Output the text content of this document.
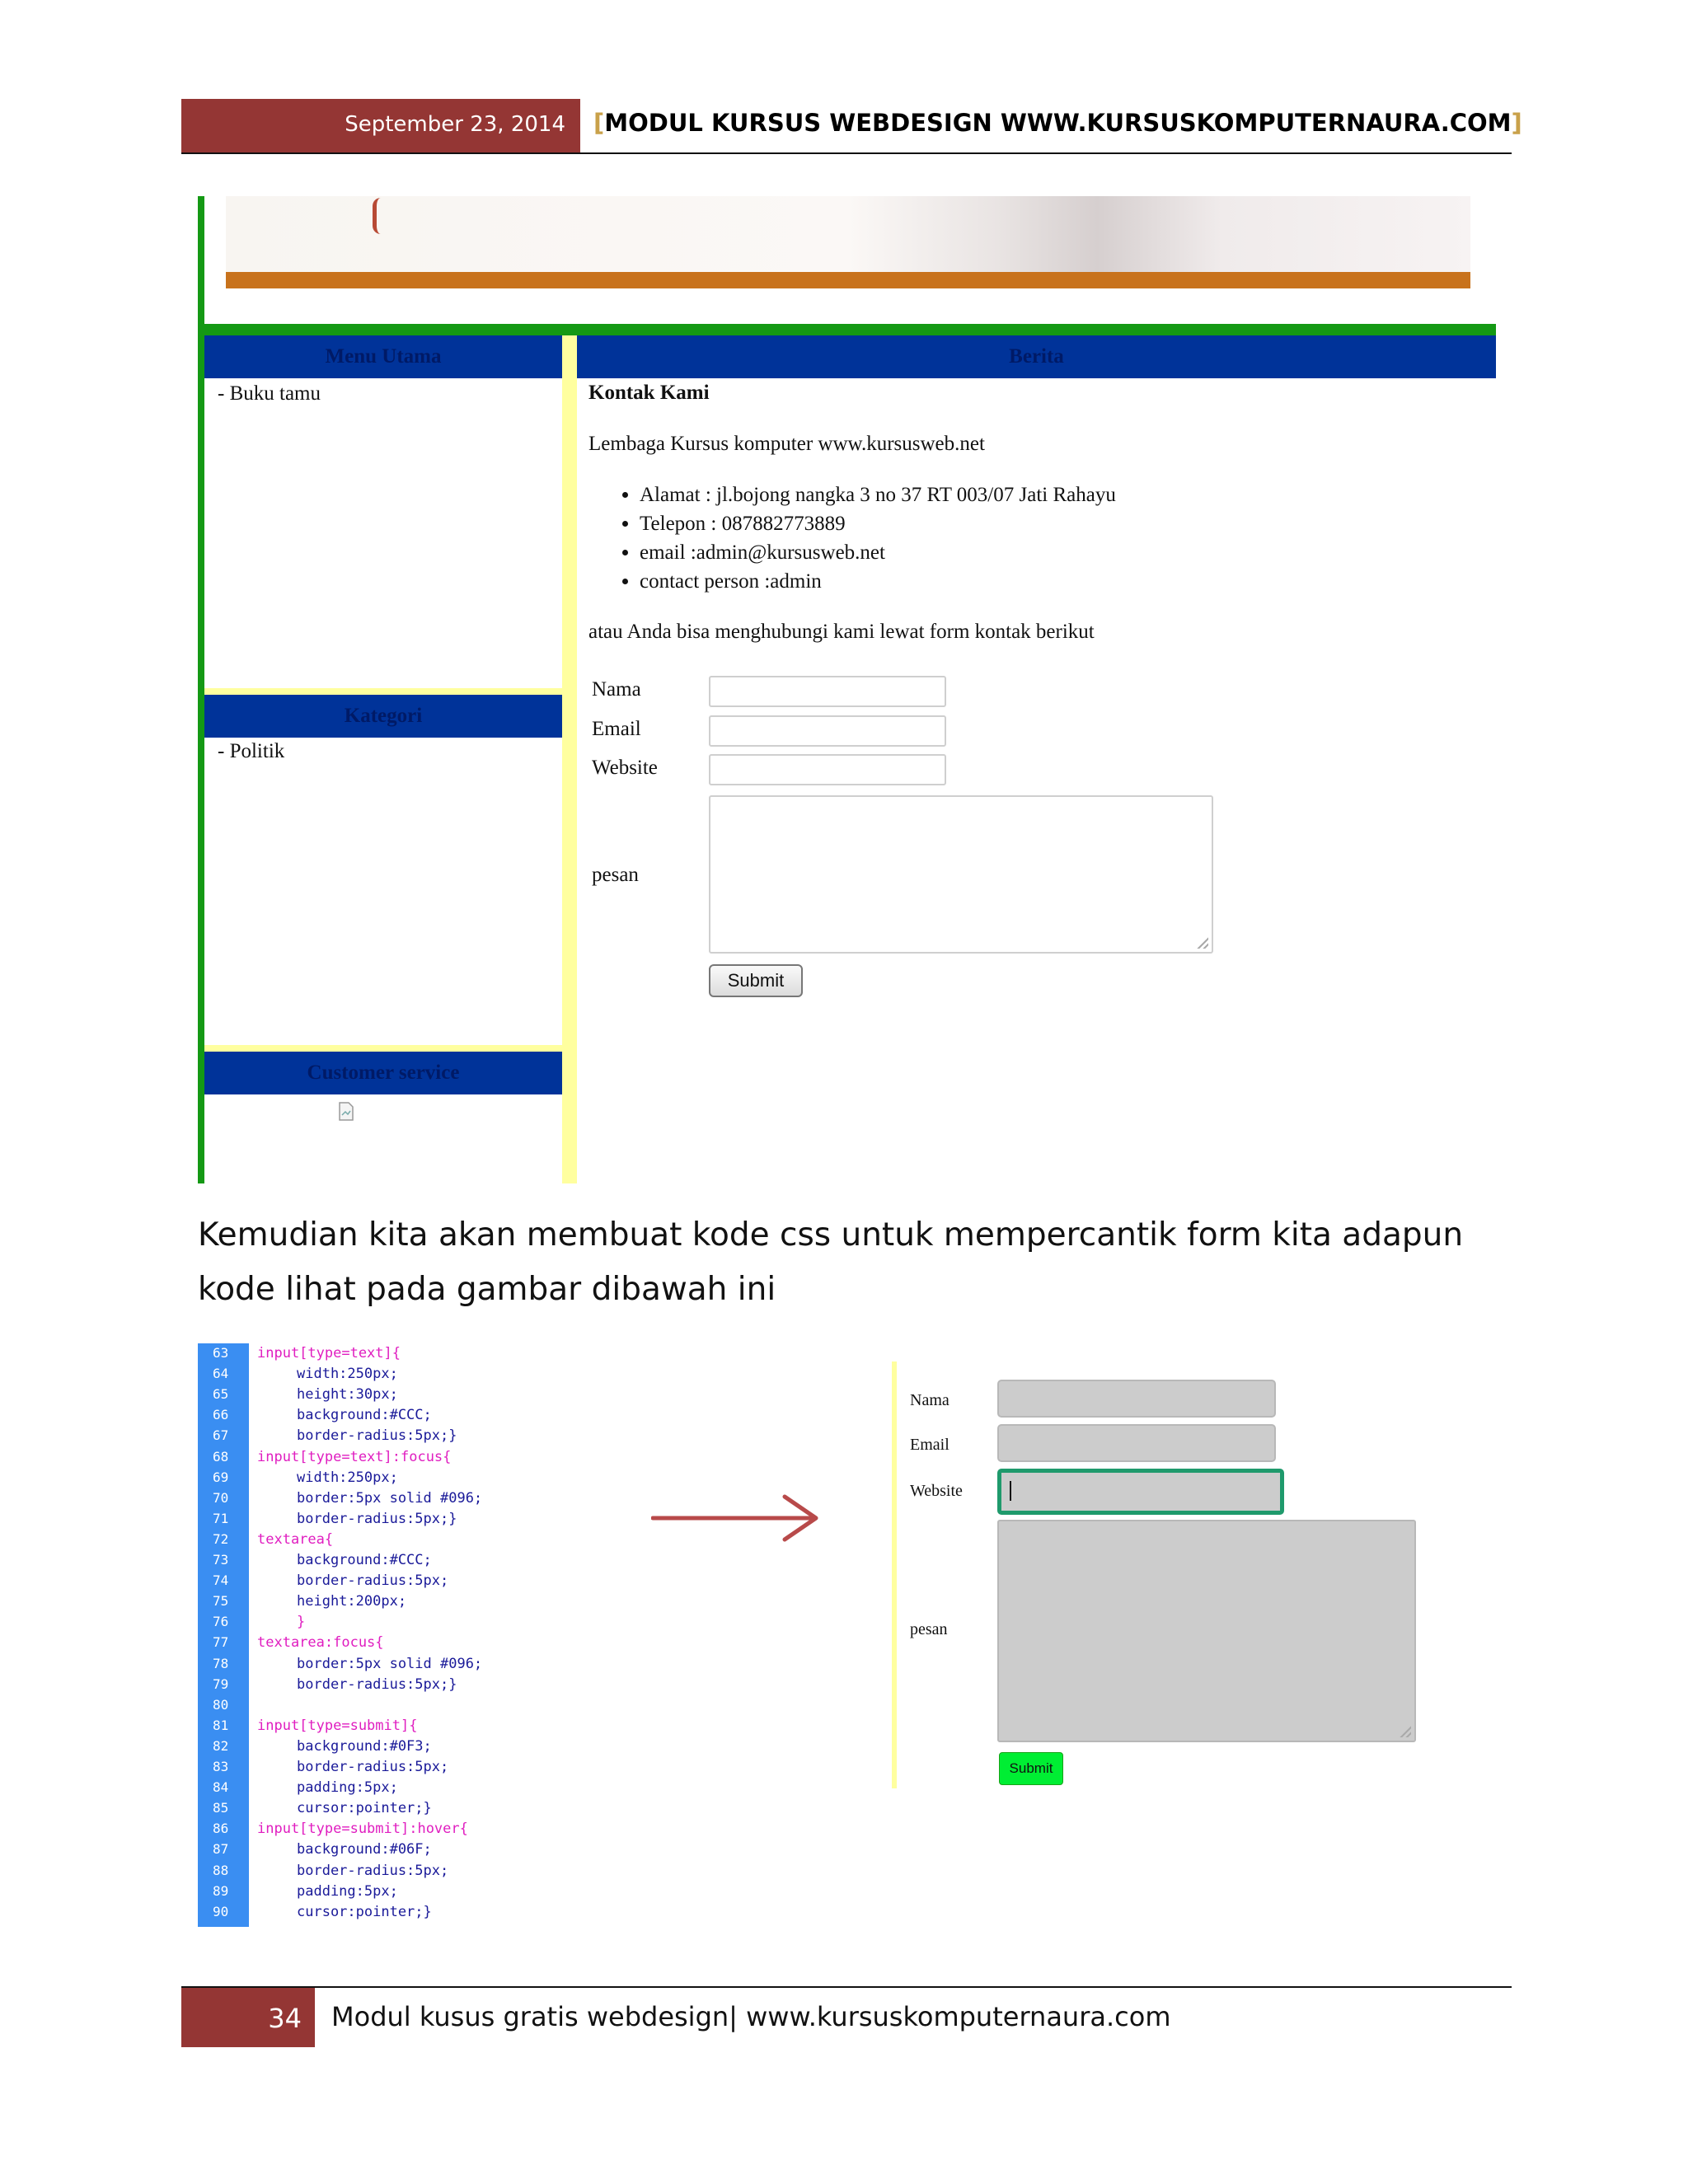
September 23, 2014 [MODUL KURSUS WEBDESIGN WWW.KURSUSKOMPUTERNAURA.COM]
Menu Utama	Berita
- Buku tamu
Kategori
- Politik
Customer service
Kontak Kami
Lembaga Kursus komputer www.kursusweb.net
• Alamat : jl.bojong nangka 3 no 37 RT 003/07 Jati Rahayu
• Telepon : 087882773889
• email :admin@kursusweb.net
• contact person :admin
atau Anda bisa menghubungi kami lewat form kontak berikut
Nama
Email
Website
pesan
Submit
Kemudian kita akan membuat kode css untuk mempercantik form kita adapun kode lihat pada gambar dibawah ini
63	input[type=text]{
64	width:250px;
65	height:30px;
66	background:#CCC;
67	border-radius:5px;}
68	input[type=text]:focus{
69	width:250px;
70	border:5px solid #096;
71	border-radius:5px;}
72	textarea{
73	background:#CCC;
74	border-radius:5px;
75	height:200px;
76	}
77	textarea:focus{
78	border:5px solid #096;
79	border-radius:5px;}
80
81	input[type=submit]{
82	background:#0F3;
83	border-radius:5px;
84	padding:5px;
85	cursor:pointer;}
86	input[type=submit]:hover{
87	background:#06F;
88	border-radius:5px;
89	padding:5px;
90	cursor:pointer;}
Nama
Email
Website
pesan
Submit
34 Modul kusus gratis webdesign| www.kursuskomputernaura.com
